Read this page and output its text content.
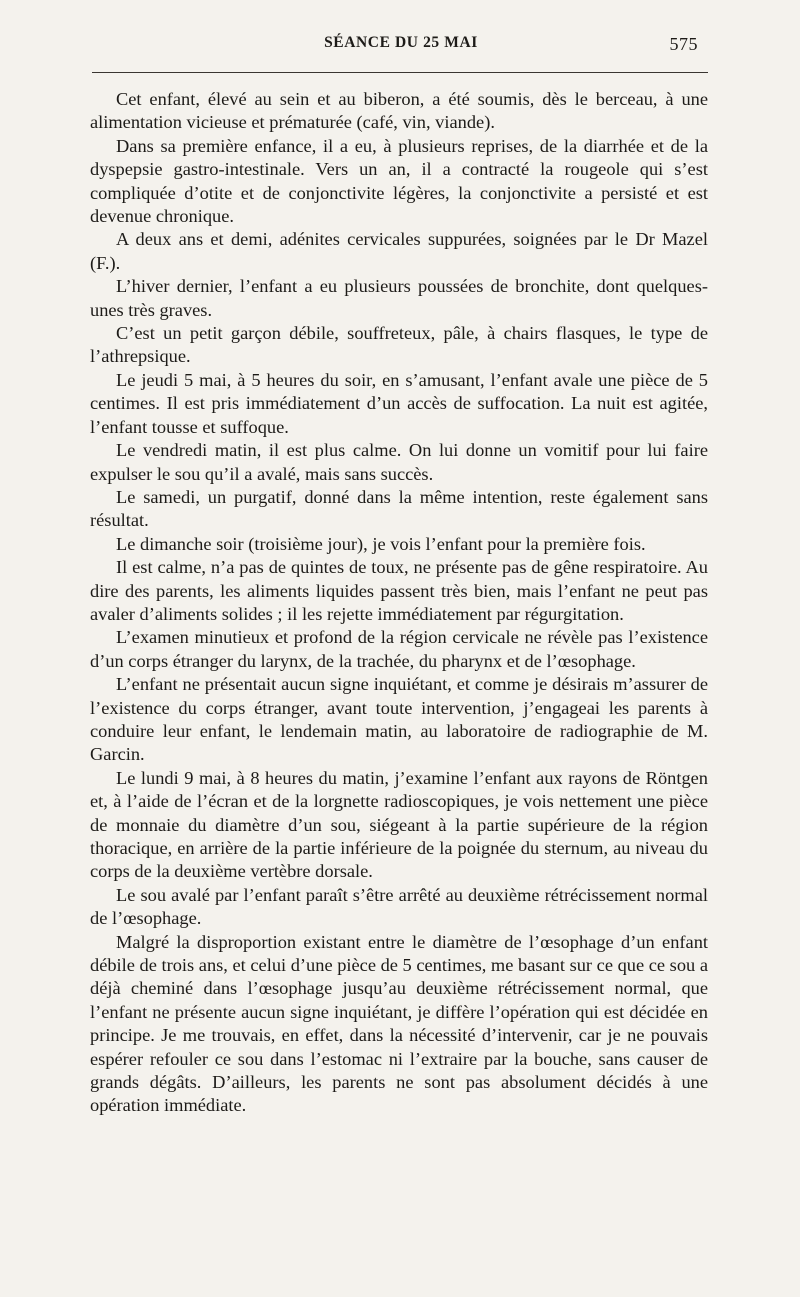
SÉANCE DU 25 MAI	575

Cet enfant, élevé au sein et au biberon, a été soumis, dès le berceau, à une alimentation vicieuse et prématurée (café, vin, viande).

Dans sa première enfance, il a eu, à plusieurs reprises, de la diarrhée et de la dyspepsie gastro-intestinale. Vers un an, il a contracté la rougeole qui s’est compliquée d’otite et de conjonctivite légères, la conjonctivite a persisté et est devenue chronique.

A deux ans et demi, adénites cervicales suppurées, soignées par le Dr Mazel (F.).

L’hiver dernier, l’enfant a eu plusieurs poussées de bronchite, dont quelques-unes très graves.

C’est un petit garçon débile, souffreteux, pâle, à chairs flasques, le type de l’athrepsique.

Le jeudi 5 mai, à 5 heures du soir, en s’amusant, l’enfant avale une pièce de 5 centimes. Il est pris immédiatement d’un accès de suffocation. La nuit est agitée, l’enfant tousse et suffoque.

Le vendredi matin, il est plus calme. On lui donne un vomitif pour lui faire expulser le sou qu’il a avalé, mais sans succès.

Le samedi, un purgatif, donné dans la même intention, reste également sans résultat.

Le dimanche soir (troisième jour), je vois l’enfant pour la première fois.

Il est calme, n’a pas de quintes de toux, ne présente pas de gêne respiratoire. Au dire des parents, les aliments liquides passent très bien, mais l’enfant ne peut pas avaler d’aliments solides ; il les rejette immédiatement par régurgitation.

L’examen minutieux et profond de la région cervicale ne révèle pas l’existence d’un corps étranger du larynx, de la trachée, du pharynx et de l’œsophage.

L’enfant ne présentait aucun signe inquiétant, et comme je désirais m’assurer de l’existence du corps étranger, avant toute intervention, j’engageai les parents à conduire leur enfant, le lendemain matin, au laboratoire de radiographie de M. Garcin.

Le lundi 9 mai, à 8 heures du matin, j’examine l’enfant aux rayons de Röntgen et, à l’aide de l’écran et de la lorgnette radioscopiques, je vois nettement une pièce de monnaie du diamètre d’un sou, siégeant à la partie supérieure de la région thoracique, en arrière de la partie inférieure de la poignée du sternum, au niveau du corps de la deuxième vertèbre dorsale.

Le sou avalé par l’enfant paraît s’être arrêté au deuxième rétrécissement normal de l’œsophage.

Malgré la disproportion existant entre le diamètre de l’œsophage d’un enfant débile de trois ans, et celui d’une pièce de 5 centimes, me basant sur ce que ce sou a déjà cheminé dans l’œsophage jusqu’au deuxième rétrécissement normal, que l’enfant ne présente aucun signe inquiétant, je diffère l’opération qui est décidée en principe. Je me trouvais, en effet, dans la nécessité d’intervenir, car je ne pouvais espérer refouler ce sou dans l’estomac ni l’extraire par la bouche, sans causer de grands dégâts. D’ailleurs, les parents ne sont pas absolument décidés à une opération immédiate.
